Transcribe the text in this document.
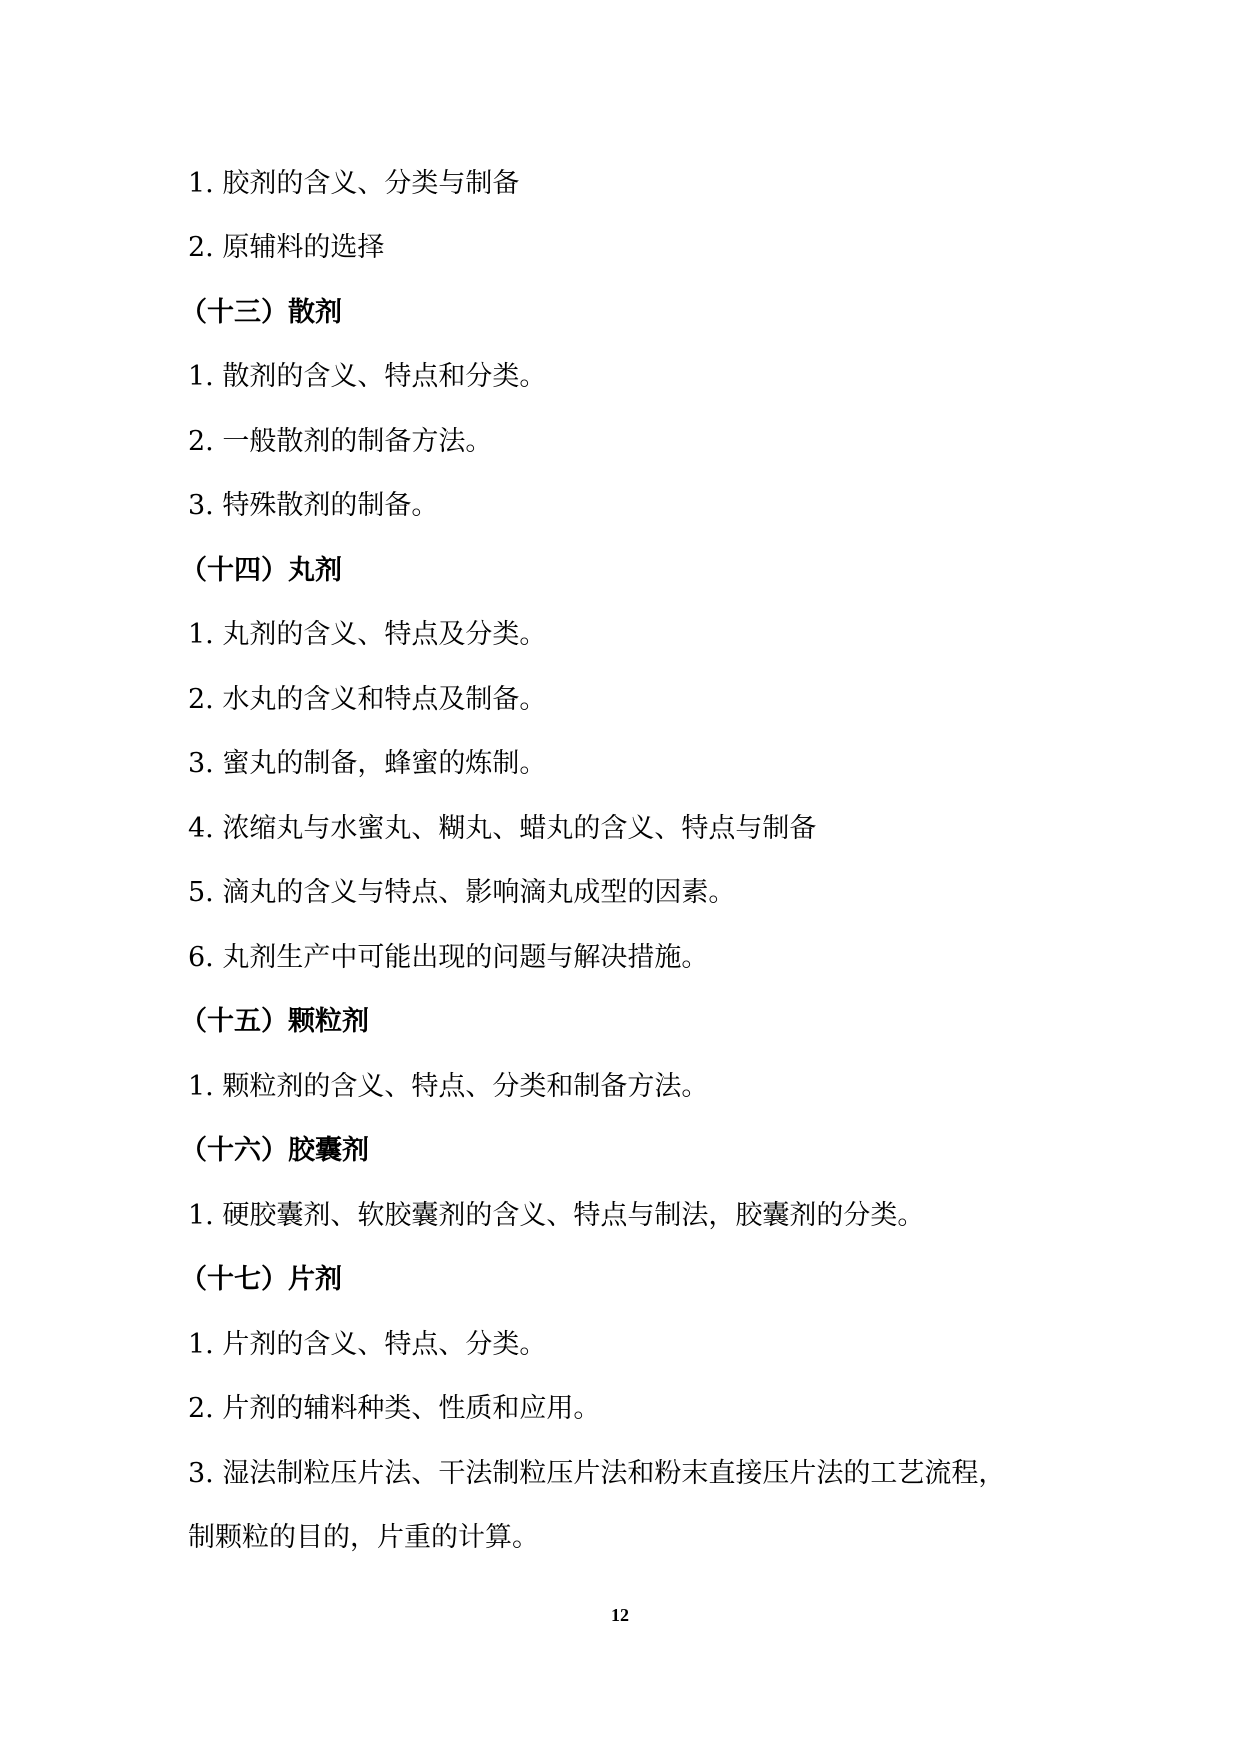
1. 胶剂的含义、分类与制备
2. 原辅料的选择
（十三）散剂
1. 散剂的含义、特点和分类。
2. 一般散剂的制备方法。
3. 特殊散剂的制备。
（十四）丸剂
1. 丸剂的含义、特点及分类。
2. 水丸的含义和特点及制备。
3. 蜜丸的制备，蜂蜜的炼制。
4. 浓缩丸与水蜜丸、糊丸、蜡丸的含义、特点与制备
5. 滴丸的含义与特点、影响滴丸成型的因素。
6. 丸剂生产中可能出现的问题与解决措施。
（十五）颗粒剂
1. 颗粒剂的含义、特点、分类和制备方法。
（十六）胶囊剂
1. 硬胶囊剂、软胶囊剂的含义、特点与制法，胶囊剂的分类。
（十七）片剂
1. 片剂的含义、特点、分类。
2. 片剂的辅料种类、性质和应用。
3. 湿法制粒压片法、干法制粒压片法和粉末直接压片法的工艺流程，
制颗粒的目的，片重的计算。
12
